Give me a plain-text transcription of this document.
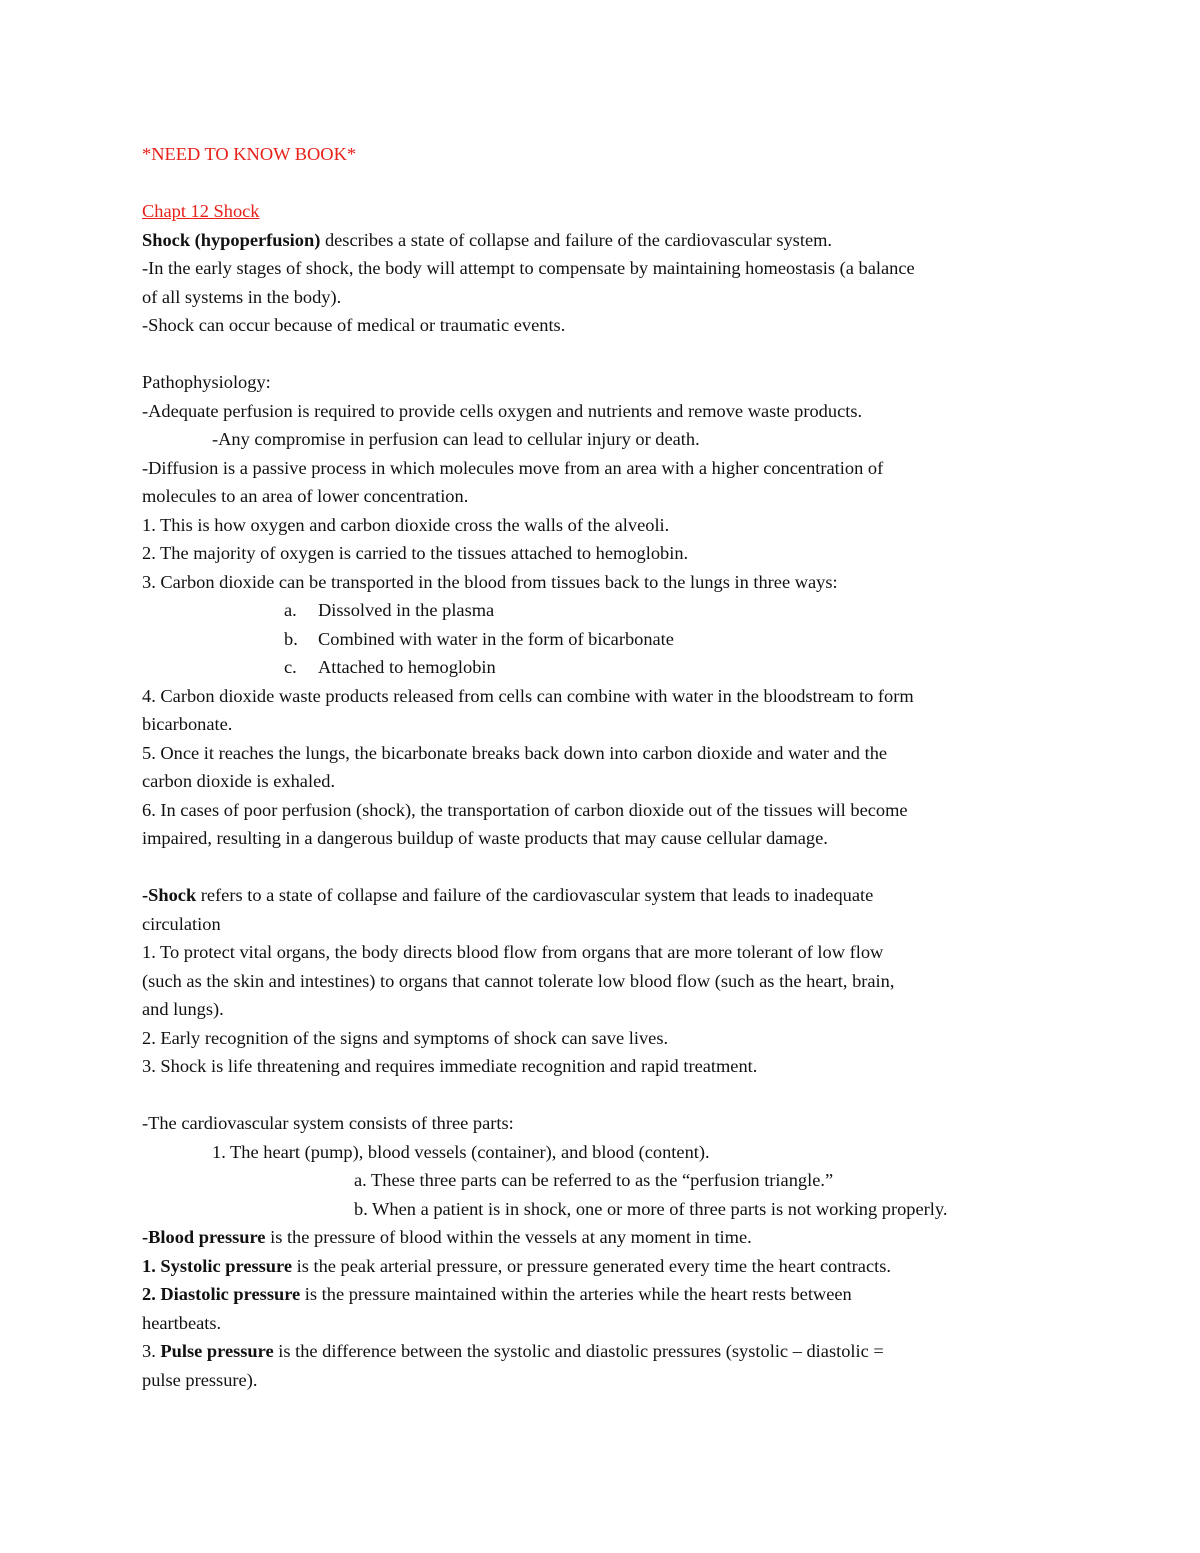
*NEED TO KNOW BOOK*
Chapt 12 Shock
Shock (hypoperfusion) describes a state of collapse and failure of the cardiovascular system.
-In the early stages of shock, the body will attempt to compensate by maintaining homeostasis (a balance
of all systems in the body).
-Shock can occur because of medical or traumatic events.
Pathophysiology:
-Adequate perfusion is required to provide cells oxygen and nutrients and remove waste products.
-Any compromise in perfusion can lead to cellular injury or death.
-Diffusion is a passive process in which molecules move from an area with a higher concentration of
molecules to an area of lower concentration.
1. This is how oxygen and carbon dioxide cross the walls of the alveoli.
2. The majority of oxygen is carried to the tissues attached to hemoglobin.
3. Carbon dioxide can be transported in the blood from tissues back to the lungs in three ways:
a. Dissolved in the plasma
b. Combined with water in the form of bicarbonate
c. Attached to hemoglobin
4. Carbon dioxide waste products released from cells can combine with water in the bloodstream to form
bicarbonate.
5. Once it reaches the lungs, the bicarbonate breaks back down into carbon dioxide and water and the
carbon dioxide is exhaled.
6. In cases of poor perfusion (shock), the transportation of carbon dioxide out of the tissues will become
impaired, resulting in a dangerous buildup of waste products that may cause cellular damage.
-Shock refers to a state of collapse and failure of the cardiovascular system that leads to inadequate
circulation
1. To protect vital organs, the body directs blood flow from organs that are more tolerant of low flow
(such as the skin and intestines) to organs that cannot tolerate low blood flow (such as the heart, brain,
and lungs).
2. Early recognition of the signs and symptoms of shock can save lives.
3. Shock is life threatening and requires immediate recognition and rapid treatment.
-The cardiovascular system consists of three parts:
1. The heart (pump), blood vessels (container), and blood (content).
a. These three parts can be referred to as the “perfusion triangle.”
b. When a patient is in shock, one or more of three parts is not working properly.
-Blood pressure is the pressure of blood within the vessels at any moment in time.
1. Systolic pressure is the peak arterial pressure, or pressure generated every time the heart contracts.
2. Diastolic pressure is the pressure maintained within the arteries while the heart rests between
heartbeats.
3. Pulse pressure is the difference between the systolic and diastolic pressures (systolic – diastolic =
pulse pressure).
